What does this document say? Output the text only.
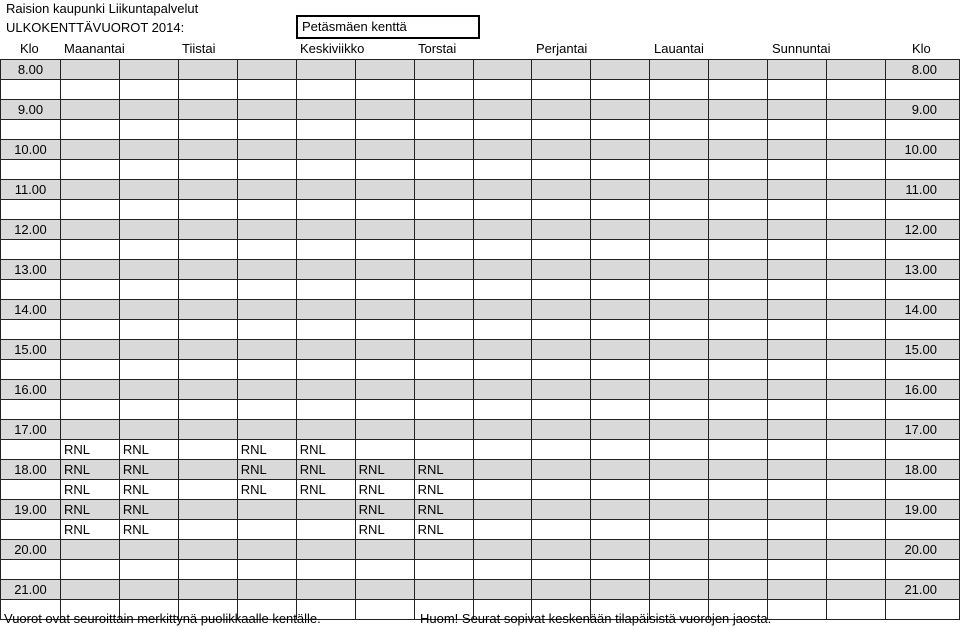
Raision kaupunki Liikuntapalvelut
ULKOKENTTÄVUOROT 2014:	Petäsmäen kenttä
Klo Maanantai	Tiistai	Keskiviikko	Torstai	Perjantai	Lauantai	Sunnuntai	Klo
8.00															8.00

9.00															9.00

10.00															10.00

11.00															11.00

12.00															12.00

13.00															13.00

14.00															14.00

15.00															15.00

16.00															16.00

17.00															17.00
	RNL	RNL		RNL	RNL										
18.00	RNL	RNL		RNL	RNL	RNL	RNL								18.00
	RNL	RNL		RNL	RNL	RNL	RNL								
19.00	RNL	RNL				RNL	RNL								19.00
	RNL	RNL				RNL	RNL								
20.00															20.00

21.00															21.00

Vuorot ovat seuroittain merkittynä puolikkaalle kentälle.	Huom! Seurat sopivat keskenään tilapäisistä vuorojen jaosta.
